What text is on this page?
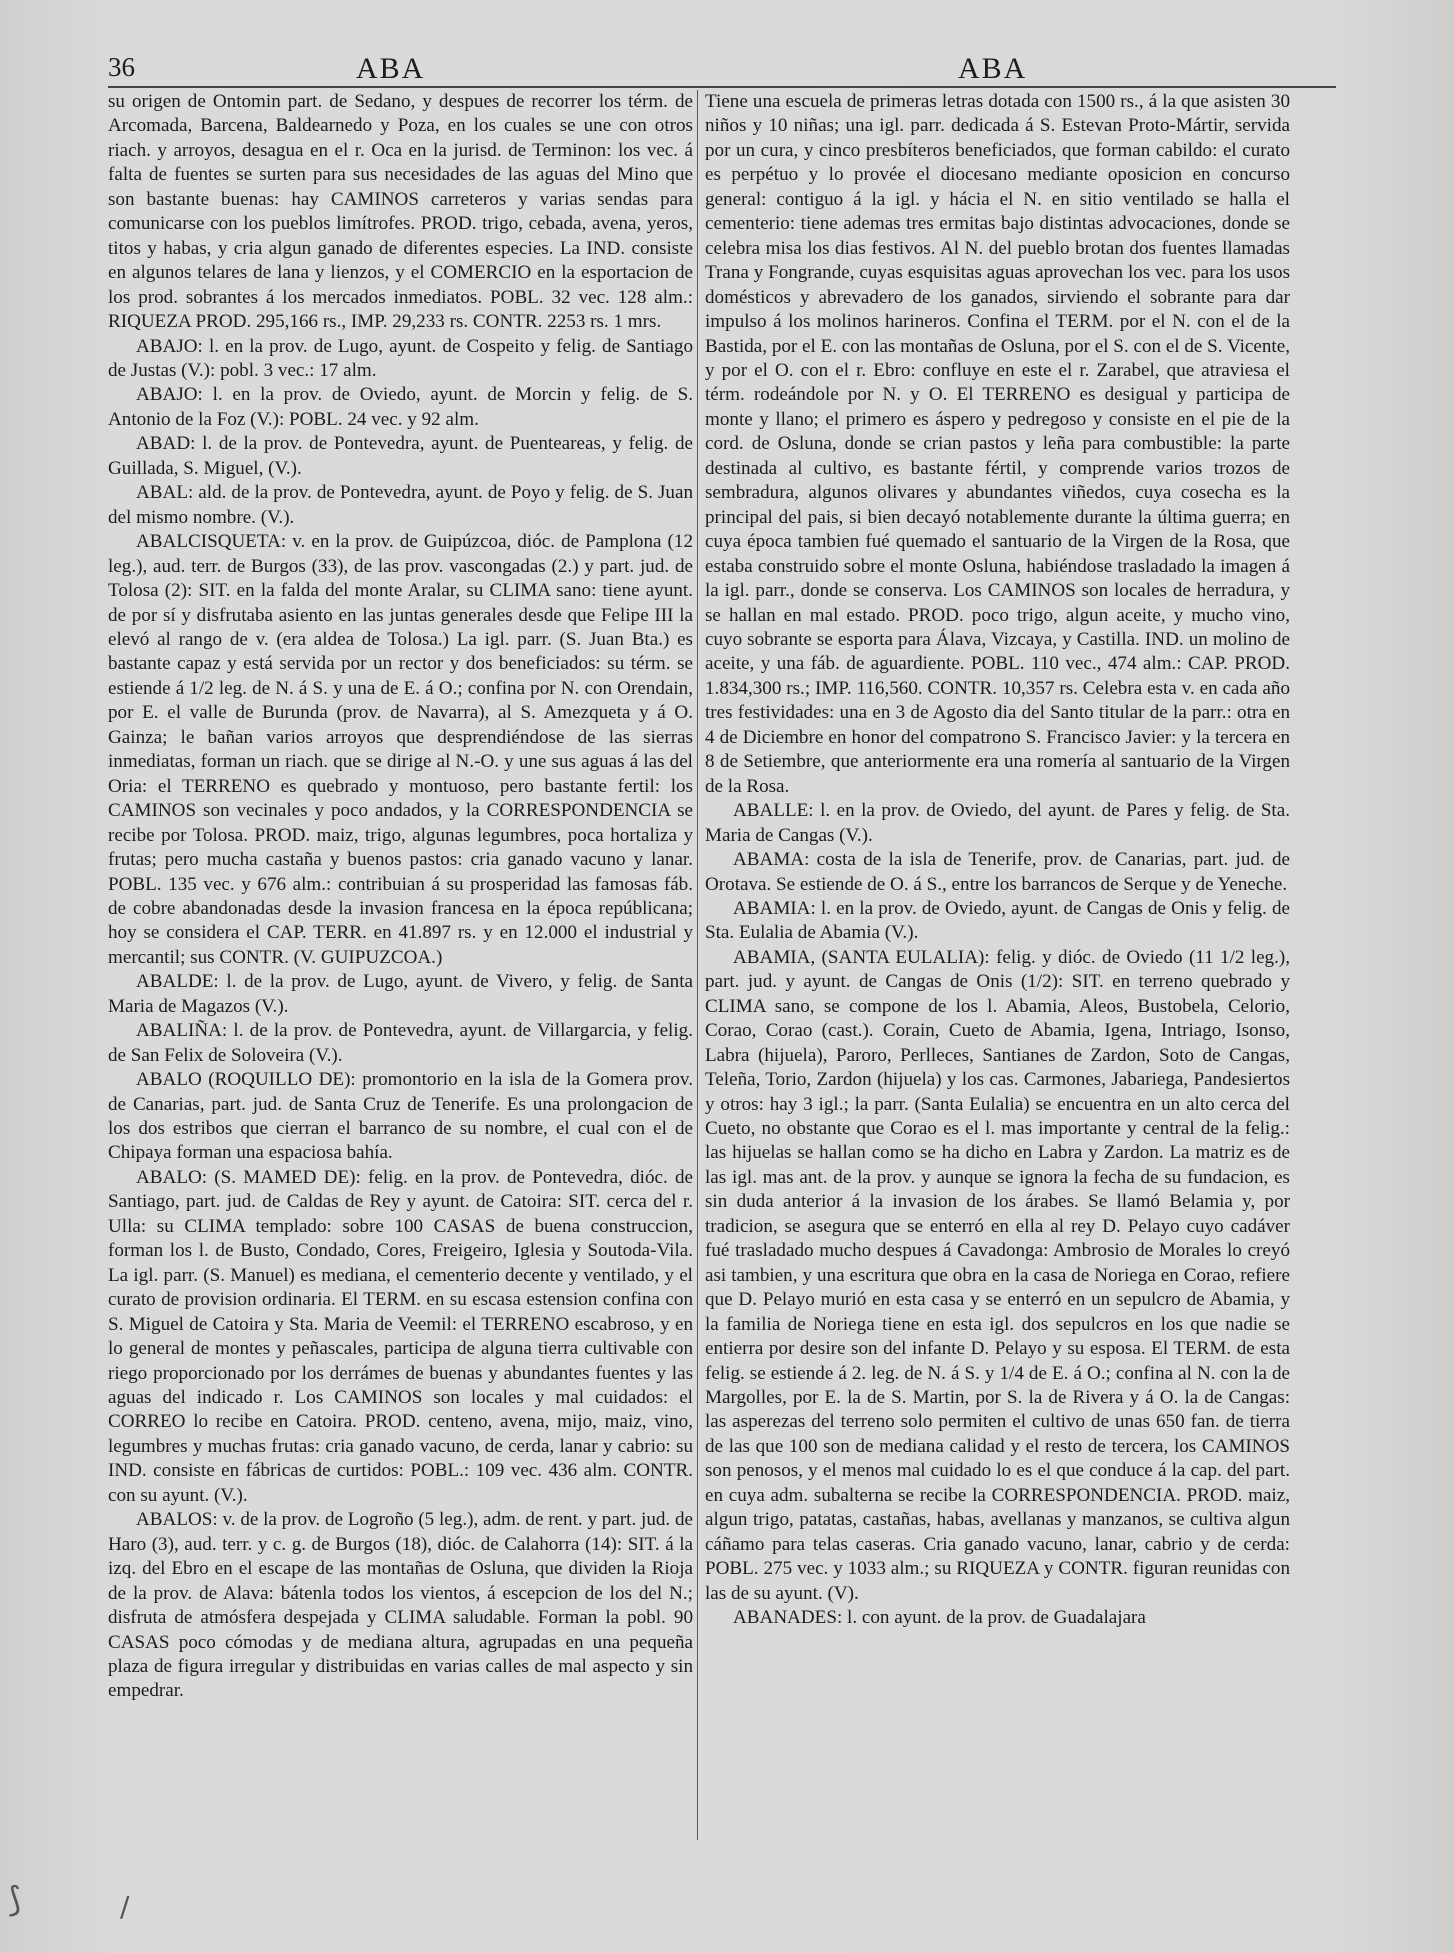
36	ABA	ABA

su origen de Ontomin part. de Sedano, y despues de recorrer los térm. de Arcomada, Barcena, Baldearnedo y Poza, en los cuales se une con otros riach. y arroyos, desagua en el r. Oca en la jurisd. de Terminon: los vec. á falta de fuentes se surten para sus necesidades de las aguas del Mino que son bastante buenas: hay CAMINOS carreteros y varias sendas para comunicarse con los pueblos limítrofes. PROD. trigo, cebada, avena, yeros, titos y habas, y cria algun ganado de diferentes especies. La IND. consiste en algunos telares de lana y lienzos, y el COMERCIO en la esportacion de los prod. sobrantes á los mercados inmediatos. POBL. 32 vec. 128 alm.: RIQUEZA PROD. 295,166 rs., IMP. 29,233 rs. CONTR. 2253 rs. 1 mrs.

ABAJO: l. en la prov. de Lugo, ayunt. de Cospeito y felig. de Santiago de Justas (V.): pobl. 3 vec.: 17 alm.

ABAJO: l. en la prov. de Oviedo, ayunt. de Morcin y felig. de S. Antonio de la Foz (V.): POBL. 24 vec. y 92 alm.

ABAD: l. de la prov. de Pontevedra, ayunt. de Puenteareas, y felig. de Guillada, S. Miguel, (V.).

ABAL: ald. de la prov. de Pontevedra, ayunt. de Poyo y felig. de S. Juan del mismo nombre. (V.).

ABALCISQUETA: v. en la prov. de Guipúzcoa, dióc. de Pamplona (12 leg.), aud. terr. de Burgos (33), de las prov. vascongadas (2.) y part. jud. de Tolosa (2): SIT. en la falda del monte Aralar, su CLIMA sano: tiene ayunt. de por sí y disfrutaba asiento en las juntas generales desde que Felipe III la elevó al rango de v. (era aldea de Tolosa.) La igl. parr. (S. Juan Bta.) es bastante capaz y está servida por un rector y dos beneficiados: su térm. se estiende á 1/2 leg. de N. á S. y una de E. á O.; confina por N. con Orendain, por E. el valle de Burunda (prov. de Navarra), al S. Amezqueta y á O. Gainza; le bañan varios arroyos que desprendiéndose de las sierras inmediatas, forman un riach. que se dirige al N.-O. y une sus aguas á las del Oria: el TERRENO es quebrado y montuoso, pero bastante fertil: los CAMINOS son vecinales y poco andados, y la CORRESPONDENCIA se recibe por Tolosa. PROD. maiz, trigo, algunas legumbres, poca hortaliza y frutas; pero mucha castaña y buenos pastos: cria ganado vacuno y lanar. POBL. 135 vec. y 676 alm.: contribuian á su prosperidad las famosas fáb. de cobre abandonadas desde la invasion francesa en la época repúblicana; hoy se considera el CAP. TERR. en 41.897 rs. y en 12.000 el industrial y mercantil; sus CONTR. (V. GUIPUZCOA.)

ABALDE: l. de la prov. de Lugo, ayunt. de Vivero, y felig. de Santa Maria de Magazos (V.).

ABALIÑA: l. de la prov. de Pontevedra, ayunt. de Villargarcia, y felig. de San Felix de Soloveira (V.).

ABALO (ROQUILLO DE): promontorio en la isla de la Gomera prov. de Canarias, part. jud. de Santa Cruz de Tenerife. Es una prolongacion de los dos estribos que cierran el barranco de su nombre, el cual con el de Chipaya forman una espaciosa bahía.

ABALO: (S. MAMED DE): felig. en la prov. de Pontevedra, dióc. de Santiago, part. jud. de Caldas de Rey y ayunt. de Catoira: SIT. cerca del r. Ulla: su CLIMA templado: sobre 100 CASAS de buena construccion, forman los l. de Busto, Condado, Cores, Freigeiro, Iglesia y Soutoda-Vila. La igl. parr. (S. Manuel) es mediana, el cementerio decente y ventilado, y el curato de provision ordinaria. El TERM. en su escasa estension confina con S. Miguel de Catoira y Sta. Maria de Veemil: el TERRENO escabroso, y en lo general de montes y peñascales, participa de alguna tierra cultivable con riego proporcionado por los derrámes de buenas y abundantes fuentes y las aguas del indicado r. Los CAMINOS son locales y mal cuidados: el CORREO lo recibe en Catoira. PROD. centeno, avena, mijo, maiz, vino, legumbres y muchas frutas: cria ganado vacuno, de cerda, lanar y cabrio: su IND. consiste en fábricas de curtidos: POBL.: 109 vec. 436 alm. CONTR. con su ayunt. (V.).

ABALOS: v. de la prov. de Logroño (5 leg.), adm. de rent. y part. jud. de Haro (3), aud. terr. y c. g. de Burgos (18), dióc. de Calahorra (14): SIT. á la izq. del Ebro en el escape de las montañas de Osluna, que dividen la Rioja de la prov. de Alava: bátenla todos los vientos, á escepcion de los del N.; disfruta de atmósfera despejada y CLIMA saludable. Forman la pobl. 90 CASAS poco cómodas y de mediana altura, agrupadas en una pequeña plaza de figura irregular y distribuidas en varias calles de mal aspecto y sin empedrar.

Tiene una escuela de primeras letras dotada con 1500 rs., á la que asisten 30 niños y 10 niñas; una igl. parr. dedicada á S. Estevan Proto-Mártir, servida por un cura, y cinco presbíteros beneficiados, que forman cabildo: el curato es perpétuo y lo provée el diocesano mediante oposicion en concurso general: contiguo á la igl. y hácia el N. en sitio ventilado se halla el cementerio: tiene ademas tres ermitas bajo distintas advocaciones, donde se celebra misa los dias festivos. Al N. del pueblo brotan dos fuentes llamadas Trana y Fongrande, cuyas esquisitas aguas aprovechan los vec. para los usos domésticos y abrevadero de los ganados, sirviendo el sobrante para dar impulso á los molinos harineros. Confina el TERM. por el N. con el de la Bastida, por el E. con las montañas de Osluna, por el S. con el de S. Vicente, y por el O. con el r. Ebro: confluye en este el r. Zarabel, que atraviesa el térm. rodeándole por N. y O. El TERRENO es desigual y participa de monte y llano; el primero es áspero y pedregoso y consiste en el pie de la cord. de Osluna, donde se crian pastos y leña para combustible: la parte destinada al cultivo, es bastante fértil, y comprende varios trozos de sembradura, algunos olivares y abundantes viñedos, cuya cosecha es la principal del pais, si bien decayó notablemente durante la última guerra; en cuya época tambien fué quemado el santuario de la Virgen de la Rosa, que estaba construido sobre el monte Osluna, habiéndose trasladado la imagen á la igl. parr., donde se conserva. Los CAMINOS son locales de herradura, y se hallan en mal estado. PROD. poco trigo, algun aceite, y mucho vino, cuyo sobrante se esporta para Álava, Vizcaya, y Castilla. IND. un molino de aceite, y una fáb. de aguardiente. POBL. 110 vec., 474 alm.: CAP. PROD. 1.834,300 rs.; IMP. 116,560. CONTR. 10,357 rs. Celebra esta v. en cada año tres festividades: una en 3 de Agosto dia del Santo titular de la parr.: otra en 4 de Diciembre en honor del compatrono S. Francisco Javier: y la tercera en 8 de Setiembre, que anteriormente era una romería al santuario de la Virgen de la Rosa.

ABALLE: l. en la prov. de Oviedo, del ayunt. de Pares y felig. de Sta. Maria de Cangas (V.).

ABAMA: costa de la isla de Tenerife, prov. de Canarias, part. jud. de Orotava. Se estiende de O. á S., entre los barrancos de Serque y de Yeneche.

ABAMIA: l. en la prov. de Oviedo, ayunt. de Cangas de Onis y felig. de Sta. Eulalia de Abamia (V.).

ABAMIA, (SANTA EULALIA): felig. y dióc. de Oviedo (11 1/2 leg.), part. jud. y ayunt. de Cangas de Onis (1/2): SIT. en terreno quebrado y CLIMA sano, se compone de los l. Abamia, Aleos, Bustobela, Celorio, Corao, Corao (cast.). Corain, Cueto de Abamia, Igena, Intriago, Isonso, Labra (hijuela), Paroro, Perlleces, Santianes de Zardon, Soto de Cangas, Teleña, Torio, Zardon (hijuela) y los cas. Carmones, Jabariega, Pandesiertos y otros: hay 3 igl.; la parr. (Santa Eulalia) se encuentra en un alto cerca del Cueto, no obstante que Corao es el l. mas importante y central de la felig.: las hijuelas se hallan como se ha dicho en Labra y Zardon. La matriz es de las igl. mas ant. de la prov. y aunque se ignora la fecha de su fundacion, es sin duda anterior á la invasion de los árabes. Se llamó Belamia y, por tradicion, se asegura que se enterró en ella al rey D. Pelayo cuyo cadáver fué trasladado mucho despues á Cavadonga: Ambrosio de Morales lo creyó asi tambien, y una escritura que obra en la casa de Noriega en Corao, refiere que D. Pelayo murió en esta casa y se enterró en un sepulcro de Abamia, y la familia de Noriega tiene en esta igl. dos sepulcros en los que nadie se entierra por desire son del infante D. Pelayo y su esposa. El TERM. de esta felig. se estiende á 2. leg. de N. á S. y 1/4 de E. á O.; confina al N. con la de Margolles, por E. la de S. Martin, por S. la de Rivera y á O. la de Cangas: las asperezas del terreno solo permiten el cultivo de unas 650 fan. de tierra de las que 100 son de mediana calidad y el resto de tercera, los CAMINOS son penosos, y el menos mal cuidado lo es el que conduce á la cap. del part. en cuya adm. subalterna se recibe la CORRESPONDENCIA. PROD. maiz, algun trigo, patatas, castañas, habas, avellanas y manzanos, se cultiva algun cáñamo para telas caseras. Cria ganado vacuno, lanar, cabrio y de cerda: POBL. 275 vec. y 1033 alm.; su RIQUEZA y CONTR. figuran reunidas con las de su ayunt. (V).

ABANADES: l. con ayunt. de la prov. de Guadalajara

⟆	/
